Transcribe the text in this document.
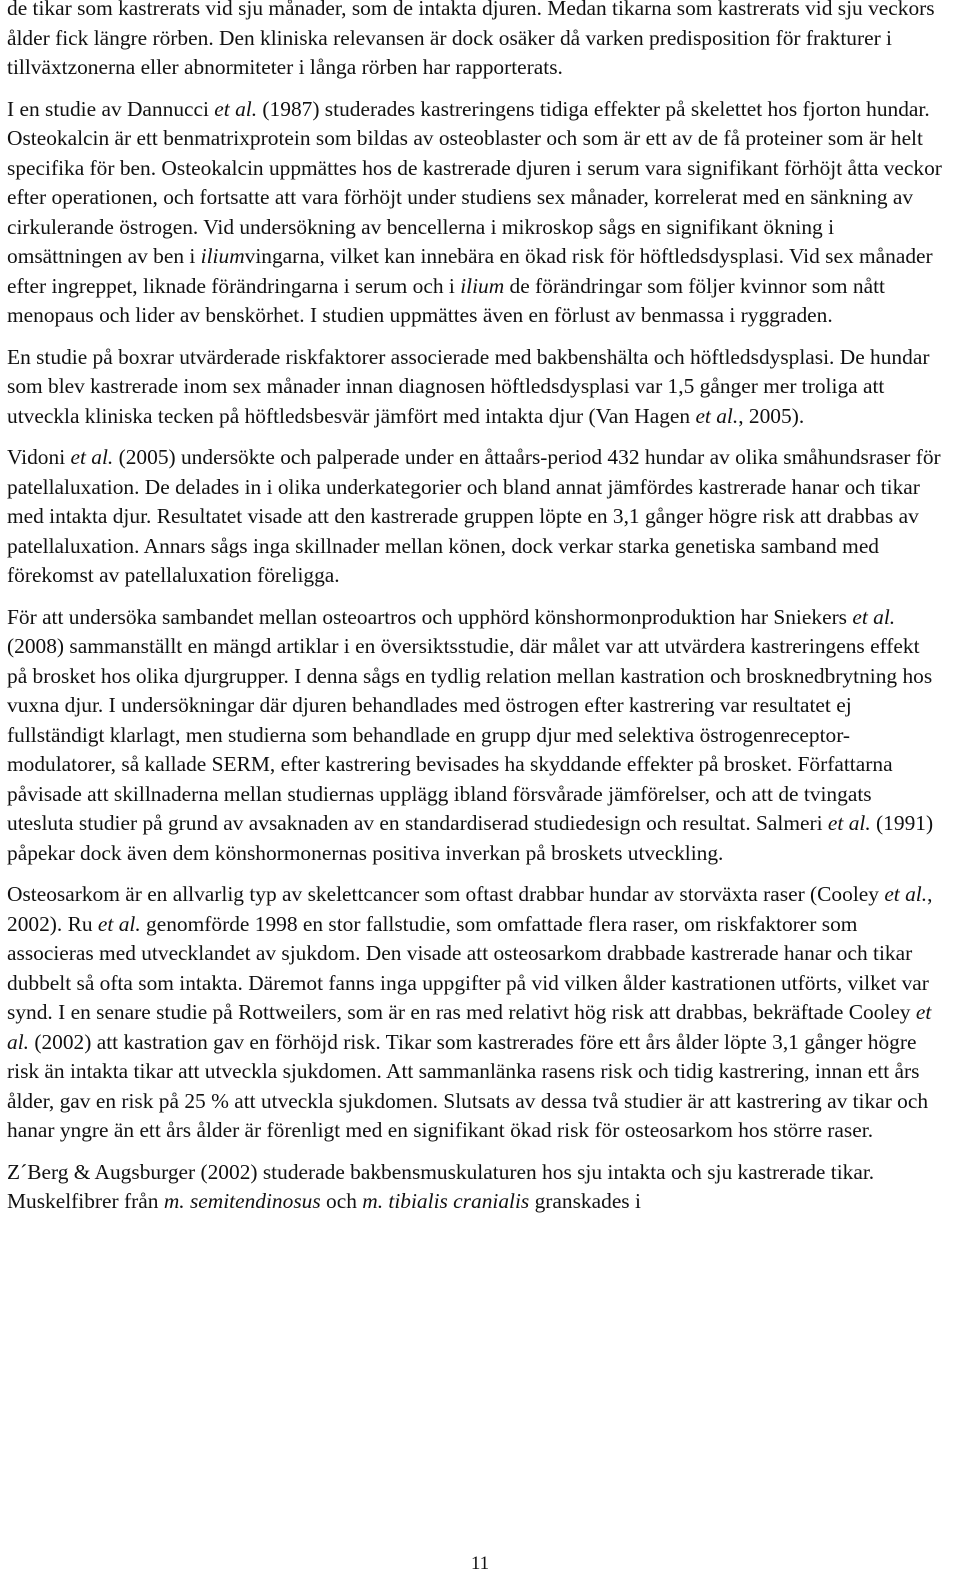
de tikar som kastrerats vid sju månader, som de intakta djuren. Medan tikarna som kastrerats vid sju veckors ålder fick längre rörben. Den kliniska relevansen är dock osäker då varken predisposition för frakturer i tillväxtzonerna eller abnormiteter i långa rörben har rapporterats.

I en studie av Dannucci et al. (1987) studerades kastreringens tidiga effekter på skelettet hos fjorton hundar. Osteokalcin är ett benmatrixprotein som bildas av osteoblaster och som är ett av de få proteiner som är helt specifika för ben. Osteokalcin uppmättes hos de kastrerade djuren i serum vara signifikant förhöjt åtta veckor efter operationen, och fortsatte att vara förhöjt under studiens sex månader, korrelerat med en sänkning av cirkulerande östrogen. Vid undersökning av bencellerna i mikroskop sågs en signifikant ökning i omsättningen av ben i iliumvingarna, vilket kan innebära en ökad risk för höftledsdysplasi. Vid sex månader efter ingreppet, liknade förändringarna i serum och i ilium de förändringar som följer kvinnor som nått menopaus och lider av benskörhet. I studien uppmättes även en förlust av benmassa i ryggraden.

En studie på boxrar utvärderade riskfaktorer associerade med bakbenshälta och höftledsdysplasi. De hundar som blev kastrerade inom sex månader innan diagnosen höftledsdysplasi var 1,5 gånger mer troliga att utveckla kliniska tecken på höftledsbesvär jämfört med intakta djur (Van Hagen et al., 2005).

Vidoni et al. (2005) undersökte och palperade under en åttaårs-period 432 hundar av olika småhundsraser för patellaluxation. De delades in i olika underkategorier och bland annat jämfördes kastrerade hanar och tikar med intakta djur. Resultatet visade att den kastrerade gruppen löpte en 3,1 gånger högre risk att drabbas av patellaluxation. Annars sågs inga skillnader mellan könen, dock verkar starka genetiska samband med förekomst av patellaluxation föreligga.

För att undersöka sambandet mellan osteoartros och upphörd könshormonproduktion har Sniekers et al. (2008) sammanställt en mängd artiklar i en översiktsstudie, där målet var att utvärdera kastreringens effekt på brosket hos olika djurgrupper. I denna sågs en tydlig relation mellan kastration och brosknedbrytning hos vuxna djur. I undersökningar där djuren behandlades med östrogen efter kastrering var resultatet ej fullständigt klarlagt, men studierna som behandlade en grupp djur med selektiva östrogenreceptor-modulatorer, så kallade SERM, efter kastrering bevisades ha skyddande effekter på brosket. Författarna påvisade att skillnaderna mellan studiernas upplägg ibland försvårade jämförelser, och att de tvingats utesluta studier på grund av avsaknaden av en standardiserad studiedesign och resultat. Salmeri et al. (1991) påpekar dock även dem könshormonernas positiva inverkan på broskets utveckling.

Osteosarkom är en allvarlig typ av skelettcancer som oftast drabbar hundar av storväxta raser (Cooley et al., 2002). Ru et al. genomförde 1998 en stor fallstudie, som omfattade flera raser, om riskfaktorer som associeras med utvecklandet av sjukdom. Den visade att osteosarkom drabbade kastrerade hanar och tikar dubbelt så ofta som intakta. Däremot fanns inga uppgifter på vid vilken ålder kastrationen utförts, vilket var synd. I en senare studie på Rottweilers, som är en ras med relativt hög risk att drabbas, bekräftade Cooley et al. (2002) att kastration gav en förhöjd risk. Tikar som kastrerades före ett års ålder löpte 3,1 gånger högre risk än intakta tikar att utveckla sjukdomen. Att sammanlänka rasens risk och tidig kastrering, innan ett års ålder, gav en risk på 25 % att utveckla sjukdomen. Slutsats av dessa två studier är att kastrering av tikar och hanar yngre än ett års ålder är förenligt med en signifikant ökad risk för osteosarkom hos större raser.

Z´Berg & Augsburger (2002) studerade bakbensmuskulaturen hos sju intakta och sju kastrerade tikar. Muskelfibrer från m. semitendinosus och m. tibialis cranialis granskades i

11
